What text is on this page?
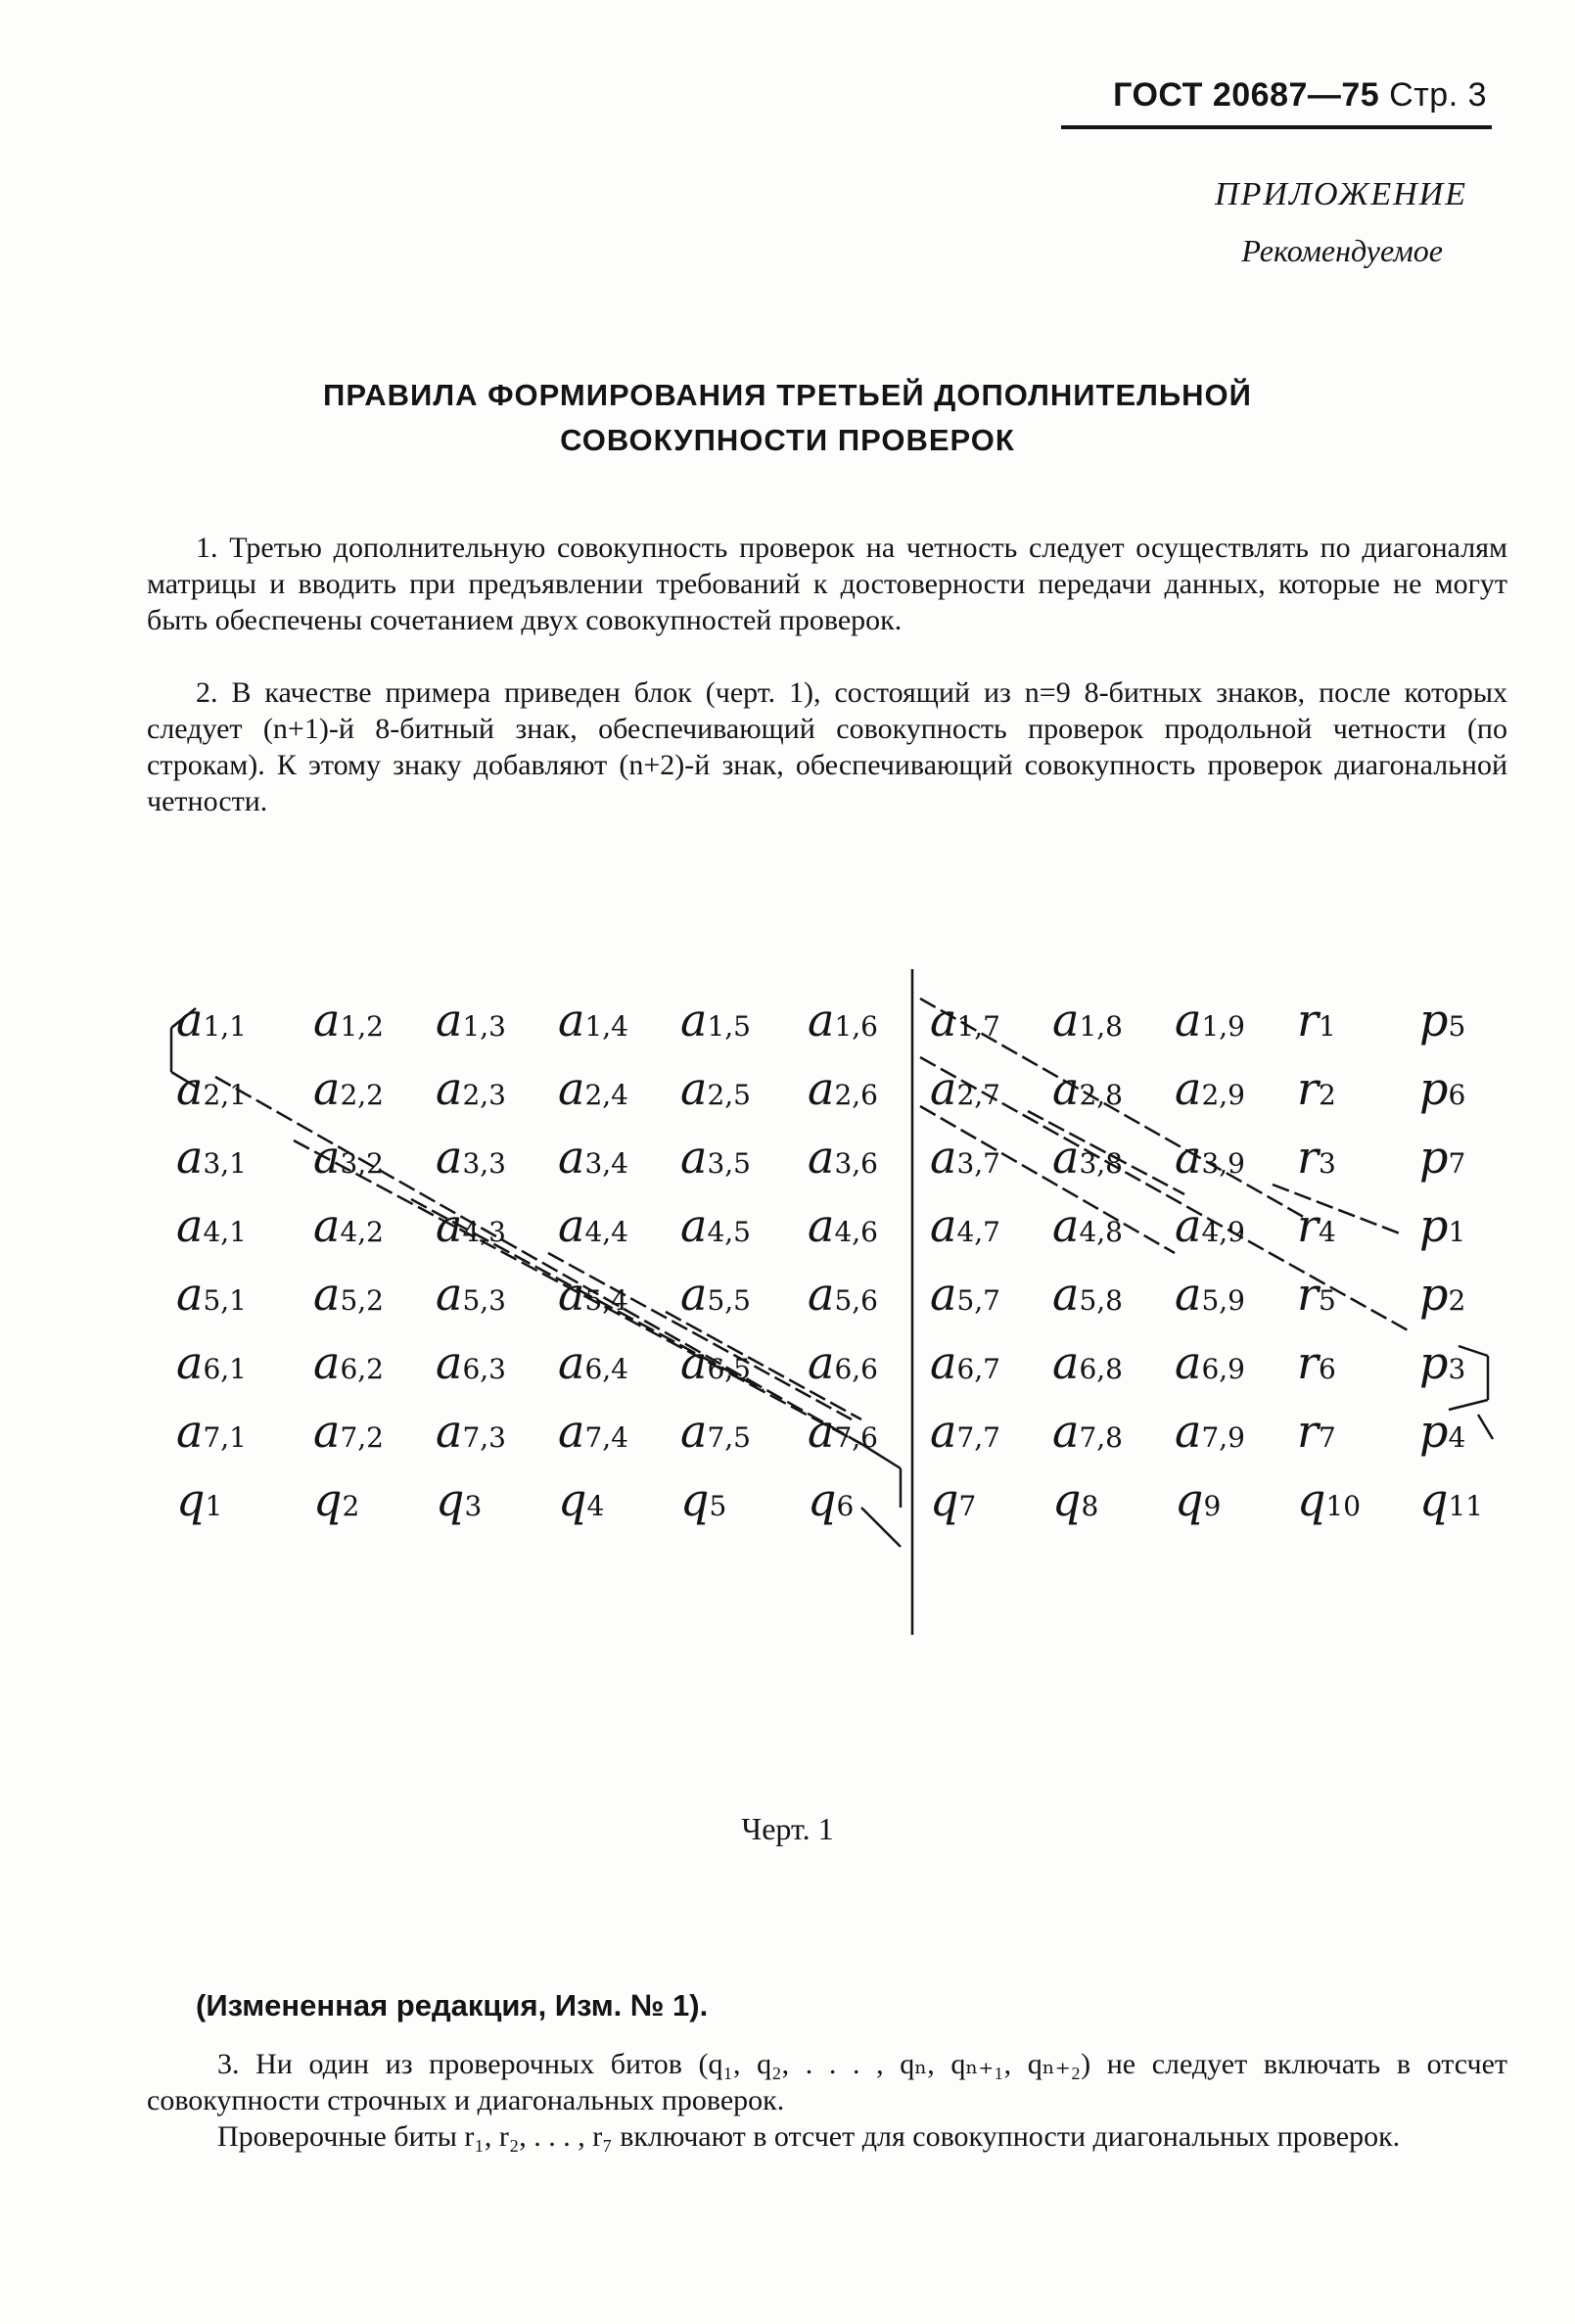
ГОСТ 20687—75 Стр. 3
ПРИЛОЖЕНИЕ
Рекомендуемое
ПРАВИЛА ФОРМИРОВАНИЯ ТРЕТЬЕЙ ДОПОЛНИТЕЛЬНОЙ
СОВОКУПНОСТИ ПРОВЕРОК
1. Третью дополнительную совокупность проверок на четность следует осуществлять по диагоналям матрицы и вводить при предъявлении требований к достоверности передачи данных, которые не могут быть обеспечены сочетанием двух совокупностей проверок.
2. В качестве примера приведен блок (черт. 1), состоящий из n=9 8-битных знаков, после которых следует (n+1)-й 8-битный знак, обеспечивающий совокупность проверок продольной четности (по строкам). К этому знаку добавляют (n+2)-й знак, обеспечивающий совокупность проверок диагональной четности.
a1,1 a1,2 a1,3 a1,4 a1,5 a1,6 a1,7 a1,8 a1,9 r1 p5
a2,1 a2,2 a2,3 a2,4 a2,5 a2,6 a2,7 a2,8 a2,9 r2 p6
a3,1 a3,2 a3,3 a3,4 a3,5 a3,6 a3,7 a3,8 a3,9 r3 p7
a4,1 a4,2 a4,3 a4,4 a4,5 a4,6 a4,7 a4,8 a4,9 r4 p1
a5,1 a5,2 a5,3 a5,4 a5,5 a5,6 a5,7 a5,8 a5,9 r5 p2
a6,1 a6,2 a6,3 a6,4 a6,5 a6,6 a6,7 a6,8 a6,9 r6 p3
a7,1 a7,2 a7,3 a7,4 a7,5 a7,6 a7,7 a7,8 a7,9 r7 p4
q1 q2 q3 q4 q5 q6 q7 q8 q9 q10 q11
Черт. 1
(Измененная редакция, Изм. № 1).
3. Ни один из проверочных битов (q₁, q₂, . . . , qₙ, qₙ₊₁, qₙ₊₂) не следует включать в отсчет совокупности строчных и диагональных проверок.
Проверочные биты r₁, r₂, . . . , r₇ включают в отсчет для совокупности диагональных проверок.
